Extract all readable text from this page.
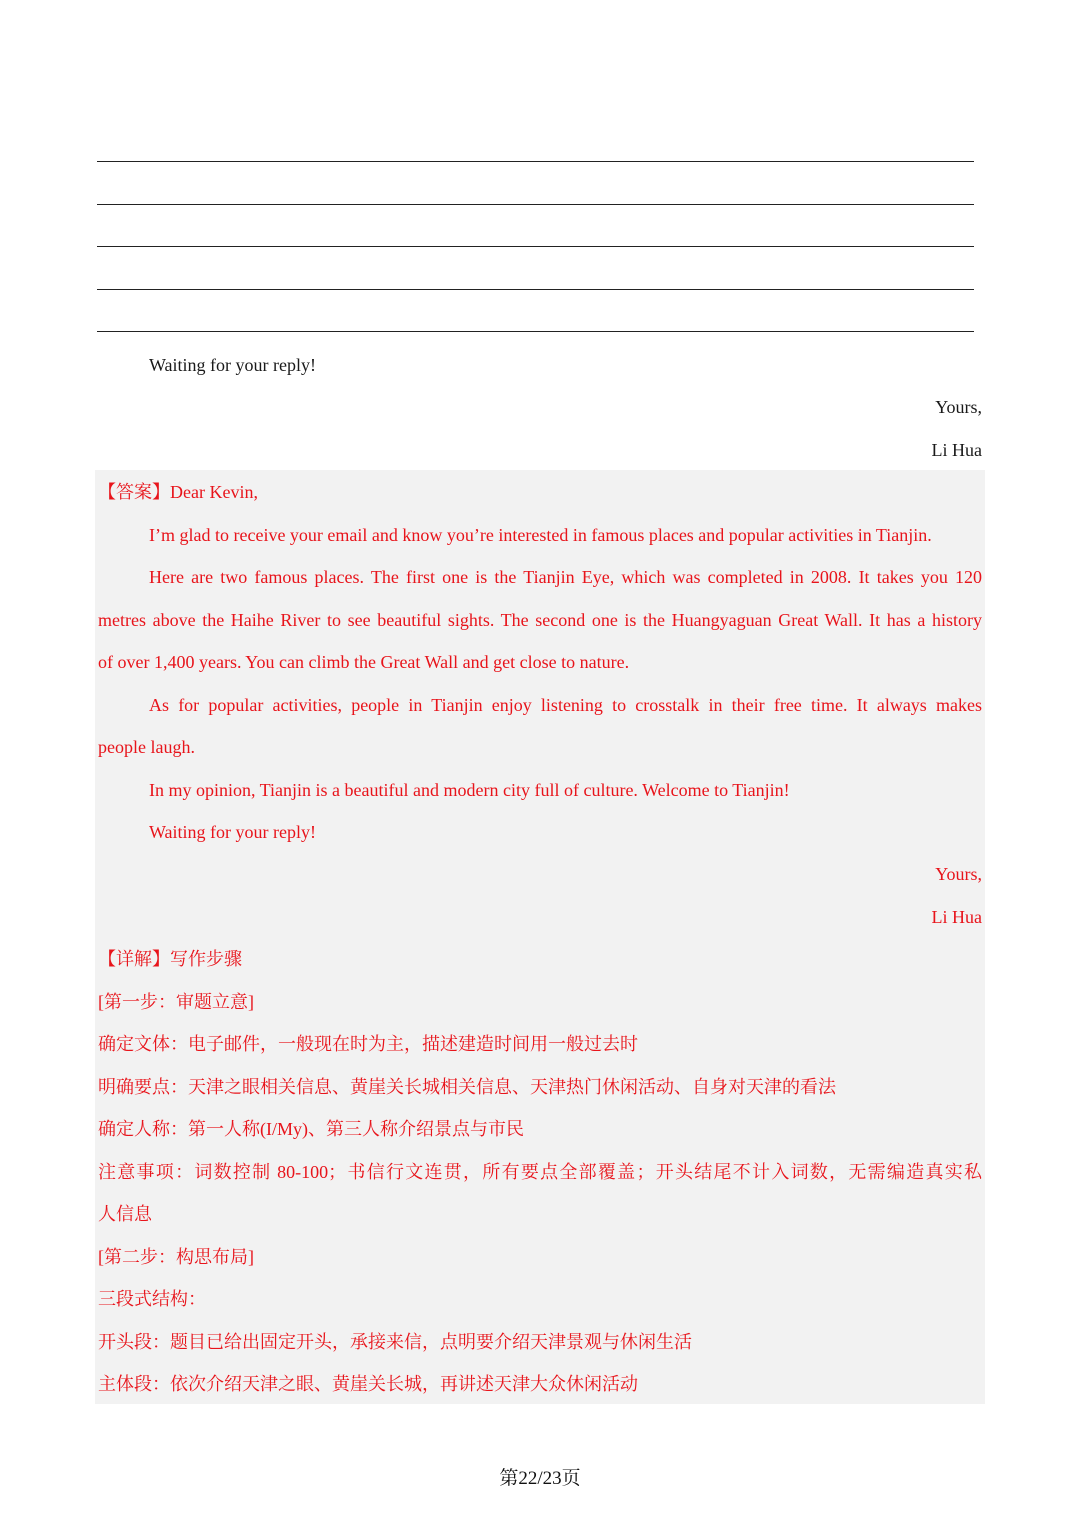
Waiting for your reply!
Yours,
Li Hua
【答案】Dear Kevin,
I’m glad to receive your email and know you’re interested in famous places and popular activities in Tianjin.
Here are two famous places. The first one is the Tianjin Eye, which was completed in 2008. It takes you 120
metres above the Haihe River to see beautiful sights. The second one is the Huangyaguan Great Wall. It has a history
of over 1,400 years. You can climb the Great Wall and get close to nature.
As for popular activities, people in Tianjin enjoy listening to crosstalk in their free time. It always makes
people laugh.
In my opinion, Tianjin is a beautiful and modern city full of culture. Welcome to Tianjin!
Waiting for your reply!
Yours,
Li Hua
【详解】写作步骤
[第一步：审题立意]
确定文体：电子邮件，一般现在时为主，描述建造时间用一般过去时
明确要点：天津之眼相关信息、黄崖关长城相关信息、天津热门休闲活动、自身对天津的看法
确定人称：第一人称(I/My)、第三人称介绍景点与市民
注意事项：词数控制 80-100；书信行文连贯，所有要点全部覆盖；开头结尾不计入词数，无需编造真实私
人信息
[第二步：构思布局]
三段式结构：
开头段：题目已给出固定开头，承接来信，点明要介绍天津景观与休闲生活
主体段：依次介绍天津之眼、黄崖关长城，再讲述天津大众休闲活动
第22/23页
